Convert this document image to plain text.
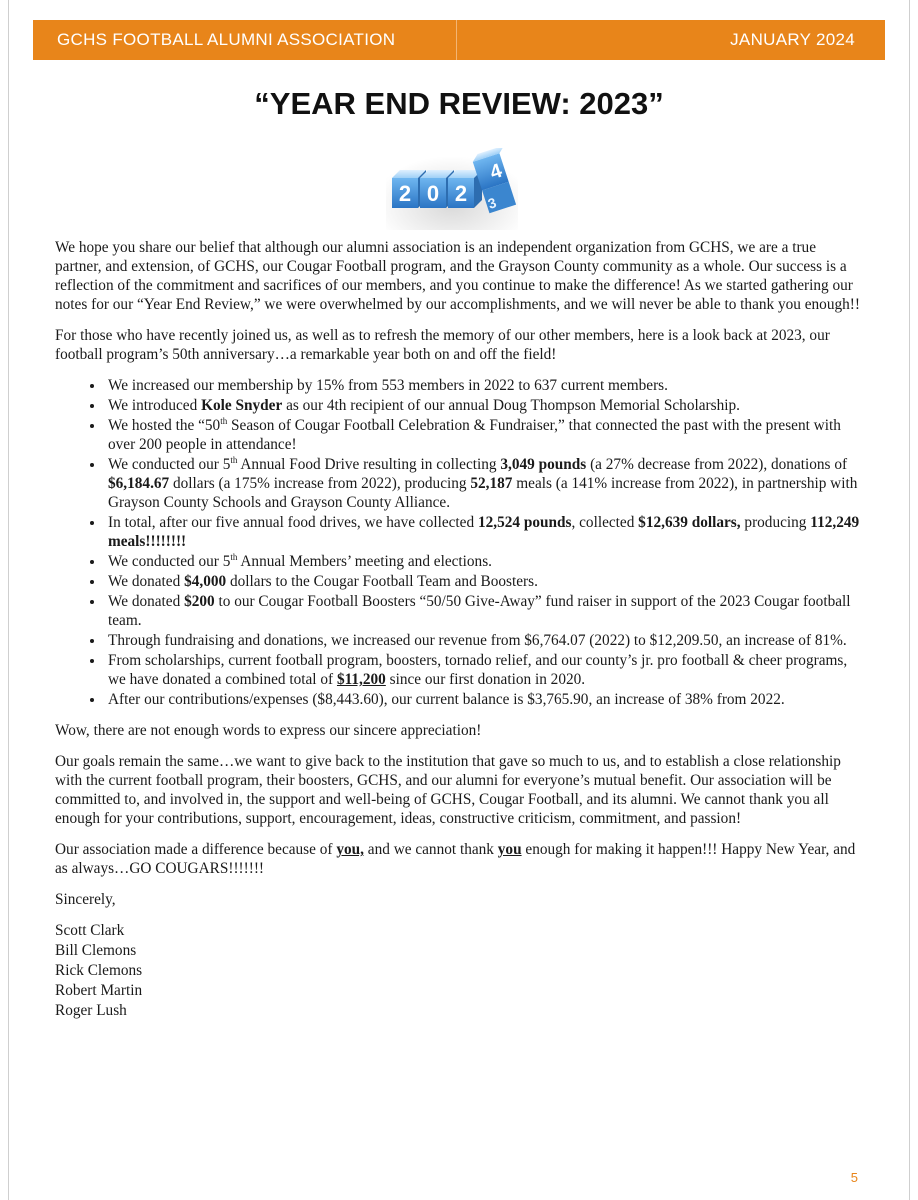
GCHS FOOTBALL ALUMNI ASSOCIATION	JANUARY 2024
“YEAR END REVIEW: 2023”
2 0 2
4
3

We hope you share our belief that although our alumni association is an independent organization from GCHS, we are a true partner, and extension, of GCHS, our Cougar Football program, and the Grayson County community as a whole. Our success is a reflection of the commitment and sacrifices of our members, and you continue to make the difference! As we started gathering our notes for our “Year End Review,” we were overwhelmed by our accomplishments, and we will never be able to thank you enough!!

For those who have recently joined us, as well as to refresh the memory of our other members, here is a look back at 2023, our football program’s 50th anniversary…a remarkable year both on and off the field!

• We increased our membership by 15% from 553 members in 2022 to 637 current members.
• We introduced Kole Snyder as our 4th recipient of our annual Doug Thompson Memorial Scholarship.
• We hosted the “50th Season of Cougar Football Celebration & Fundraiser,” that connected the past with the present with over 200 people in attendance!
• We conducted our 5th Annual Food Drive resulting in collecting 3,049 pounds (a 27% decrease from 2022), donations of $6,184.67 dollars (a 175% increase from 2022), producing 52,187 meals (a 141% increase from 2022), in partnership with Grayson County Schools and Grayson County Alliance.
• In total, after our five annual food drives, we have collected 12,524 pounds, collected $12,639 dollars, producing 112,249 meals!!!!!!!!
• We conducted our 5th Annual Members’ meeting and elections.
• We donated $4,000 dollars to the Cougar Football Team and Boosters.
• We donated $200 to our Cougar Football Boosters “50/50 Give-Away” fund raiser in support of the 2023 Cougar football team.
• Through fundraising and donations, we increased our revenue from $6,764.07 (2022) to $12,209.50, an increase of 81%.
• From scholarships, current football program, boosters, tornado relief, and our county’s jr. pro football & cheer programs, we have donated a combined total of $11,200 since our first donation in 2020.
• After our contributions/expenses ($8,443.60), our current balance is $3,765.90, an increase of 38% from 2022.

Wow, there are not enough words to express our sincere appreciation!

Our goals remain the same…we want to give back to the institution that gave so much to us, and to establish a close relationship with the current football program, their boosters, GCHS, and our alumni for everyone’s mutual benefit. Our association will be committed to, and involved in, the support and well-being of GCHS, Cougar Football, and its alumni. We cannot thank you all enough for your contributions, support, encouragement, ideas, constructive criticism, commitment, and passion!

Our association made a difference because of you, and we cannot thank you enough for making it happen!!! Happy New Year, and as always…GO COUGARS!!!!!!!

Sincerely,

Scott Clark
Bill Clemons
Rick Clemons
Robert Martin
Roger Lush
5
